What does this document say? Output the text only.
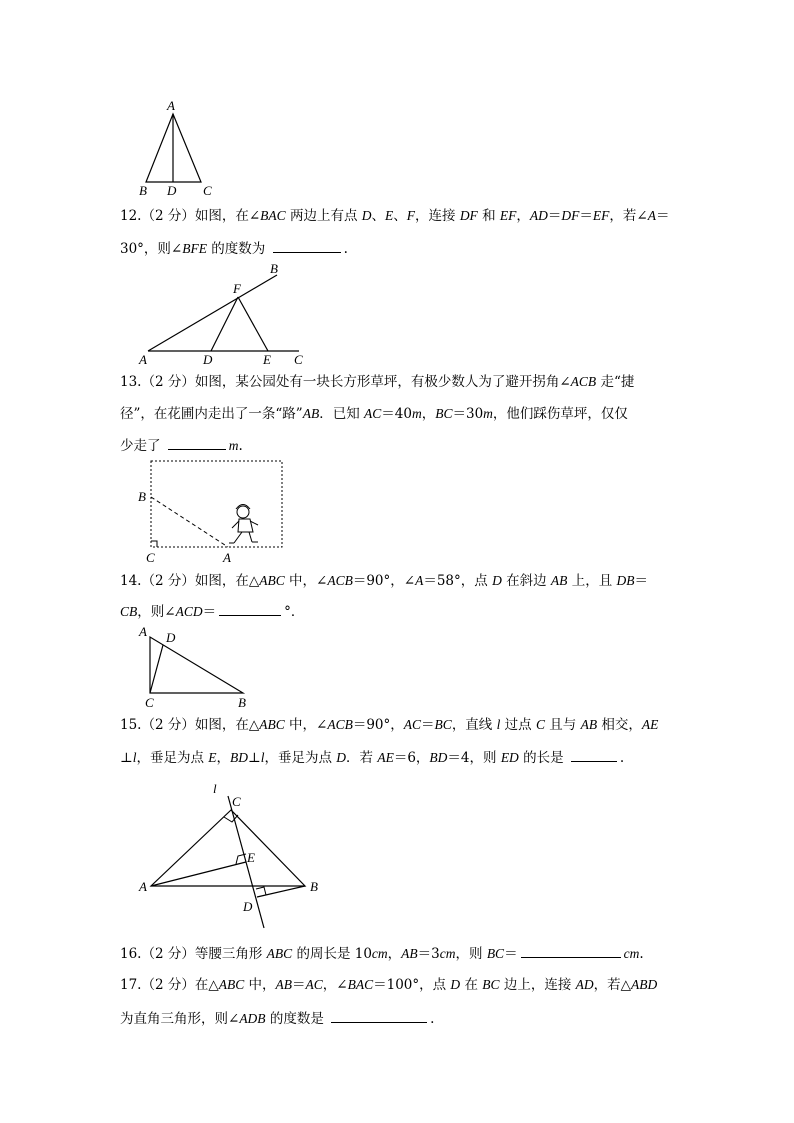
A
B D C
A	D	E C
F
B
B
C	A
A D
C	B
l
C
E
A	B
D
12.（2 分）如图，在∠BAC 两边上有点 D、E、F，连接 DF 和 EF，AD＝DF＝EF，若∠A＝
30°，则∠BFE 的度数为	.
13.（2 分）如图，某公园处有一块长方形草坪，有极少数人为了避开拐角∠ACB 走“捷
径”，在花圃内走出了一条“路”AB．已知 AC＝40m，BC＝30m，他们踩伤草坪，仅仅
少走了	m.
14.（2 分）如图，在△ABC 中，∠ACB＝90°，∠A＝58°，点 D 在斜边 AB 上，且 DB＝
CB，则∠ACD＝	°．
15.（2 分）如图，在△ABC 中，∠ACB＝90°，AC＝BC，直线 l 过点 C 且与 AB 相交，AE
⊥l，垂足为点 E，BD⊥l，垂足为点 D．若 AE＝6，BD＝4，则 ED 的长是	.
16.（2 分）等腰三角形 ABC 的周长是 10cm，AB＝3cm，则 BC＝	cm.
17.（2 分）在△ABC 中，AB＝AC，∠BAC＝100°，点 D 在 BC 边上，连接 AD，若△ABD
为直角三角形，则∠ADB 的度数是	.
